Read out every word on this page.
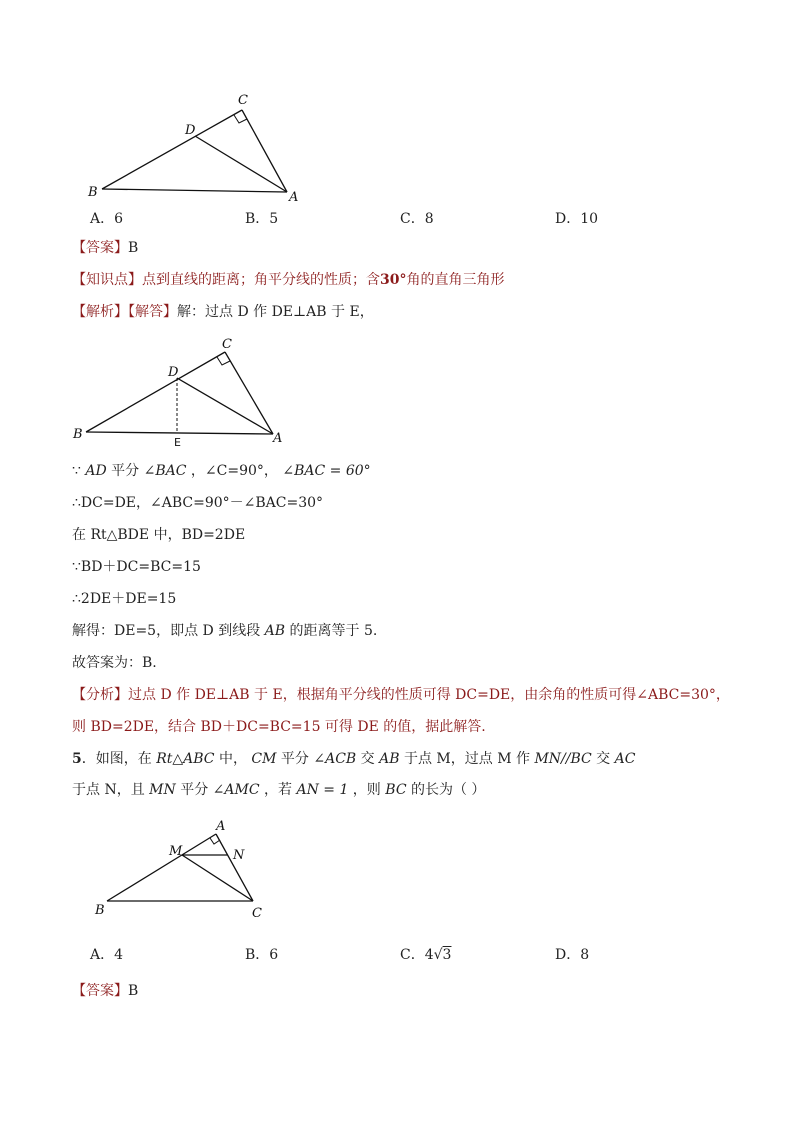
B	A
C
D
A．6	B．5	C．8	D．10
【答案】B
【知识点】点到直线的距离；角平分线的性质；含30°角的直角三角形
【解析】【解答】解：过点 D 作 DE⊥AB 于 E，
B	A
C
D
E
∵ AD 平分 ∠BAC ，∠C=90°， ∠BAC = 60°
∴DC=DE，∠ABC=90°－∠BAC=30°
在 Rt△BDE 中，BD=2DE
∵BD＋DC=BC=15
∴2DE＋DE=15
解得：DE=5，即点 D 到线段 AB 的距离等于 5.
故答案为：B.
【分析】过点 D 作 DE⊥AB 于 E，根据角平分线的性质可得 DC=DE，由余角的性质可得∠ABC=30°，
则 BD=2DE，结合 BD＋DC=BC=15 可得 DE 的值，据此解答.
5．如图，在 Rt△ABC 中， CM 平分 ∠ACB 交 AB 于点 M，过点 M 作 MN//BC 交 AC
于点 N，且 MN 平分 ∠AMC ，若 AN = 1 ，则 BC 的长为（ ）
B	C
A
M	N
A．4	B．6	C．4√3	D．8
【答案】B
